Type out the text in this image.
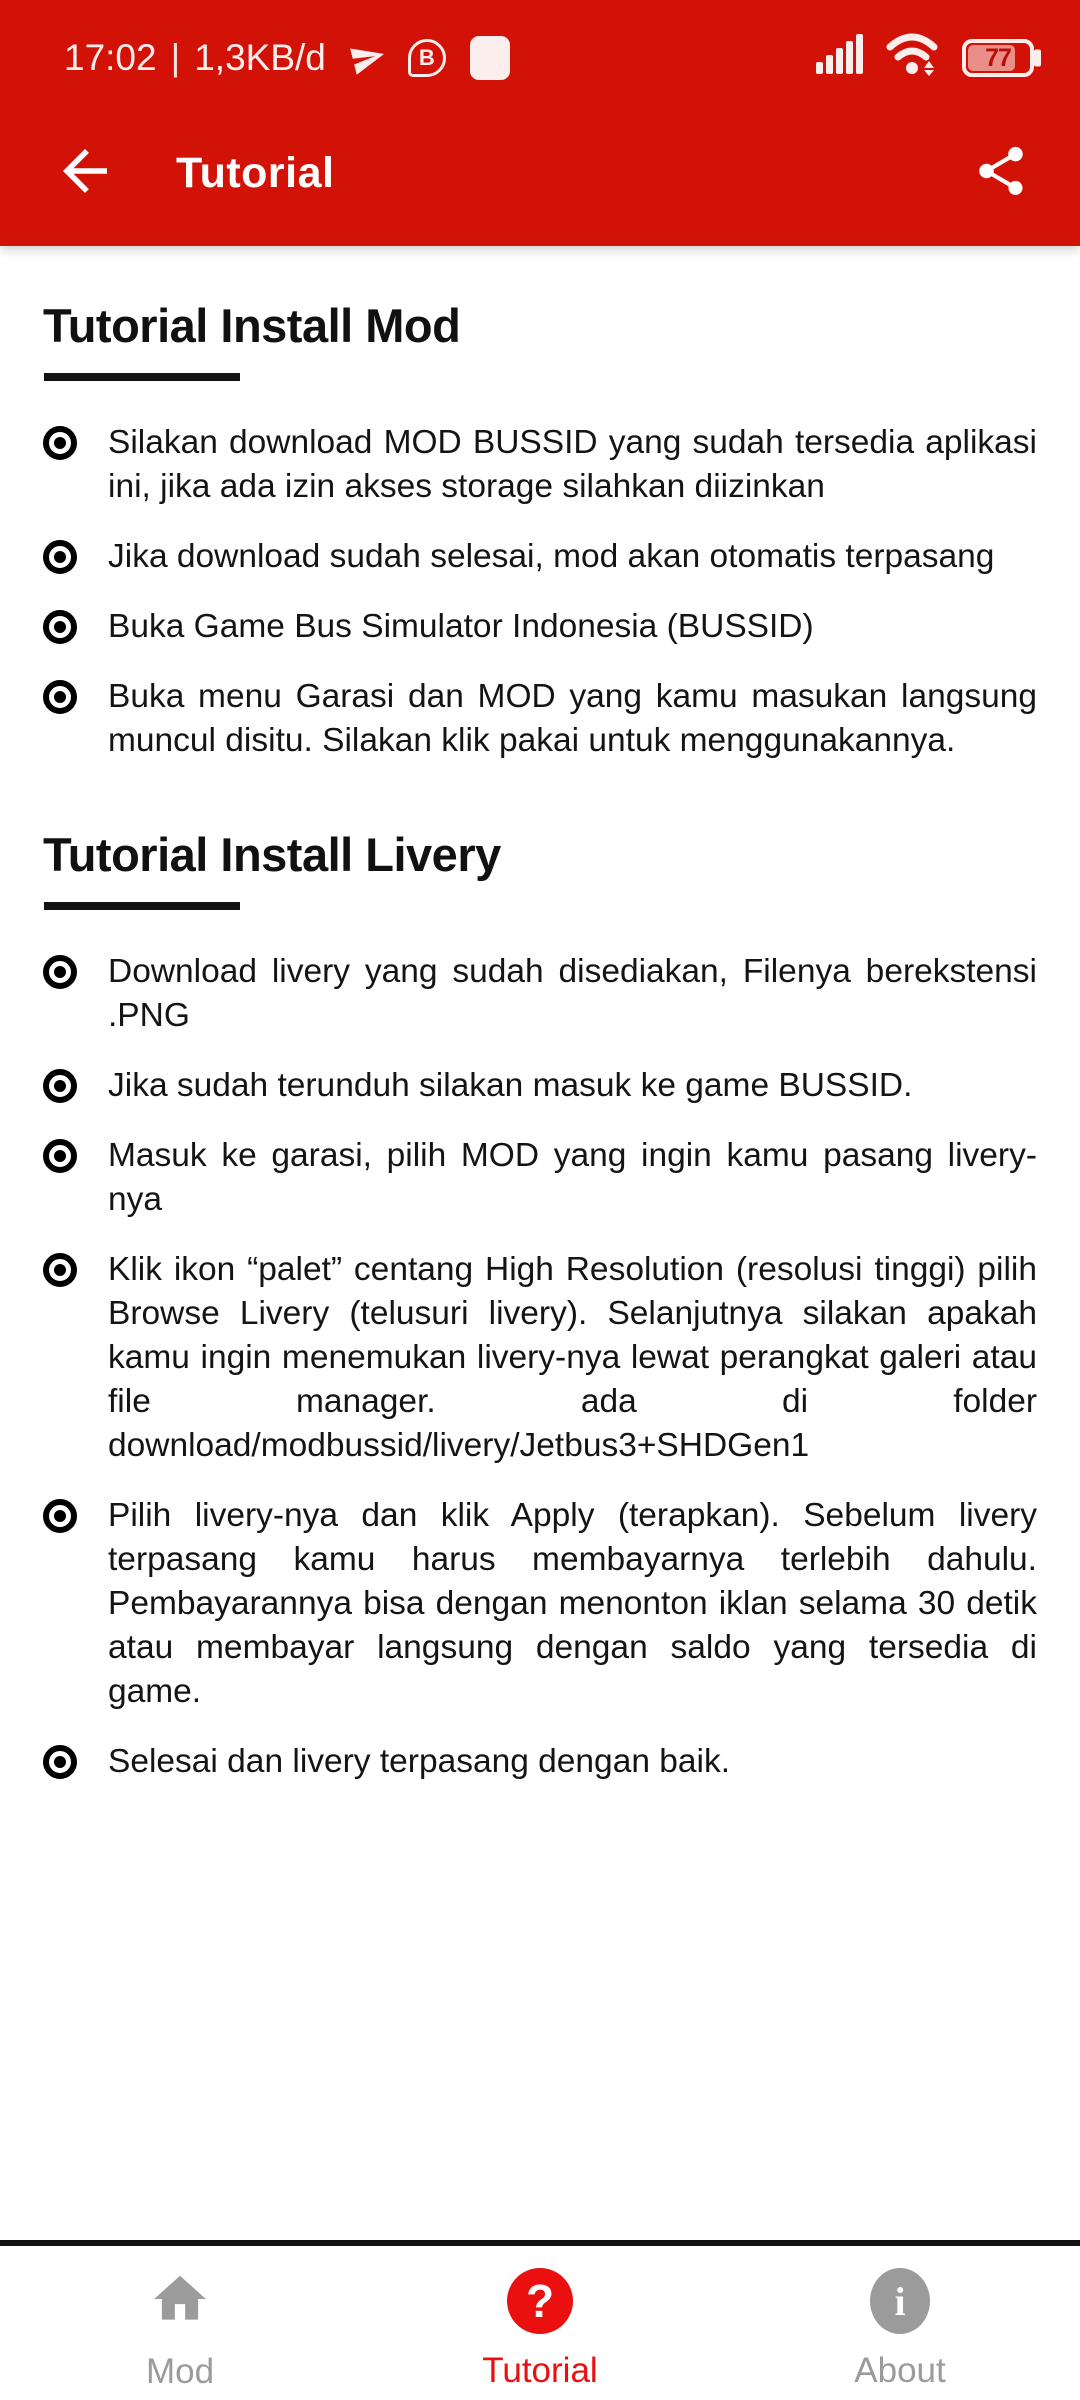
17:02 | 1,3KB/d	B	77
Tutorial
Tutorial Install Mod
Silakan download MOD BUSSID yang sudah tersedia aplikasi ini, jika ada izin akses storage silahkan diizinkan
Jika download sudah selesai, mod akan otomatis terpasang
Buka Game Bus Simulator Indonesia (BUSSID)
Buka menu Garasi dan MOD yang kamu masukan langsung muncul disitu. Silakan klik pakai untuk menggunakannya.
Tutorial Install Livery
Download livery yang sudah disediakan, Filenya berekstensi .PNG
Jika sudah terunduh silakan masuk ke game BUSSID.
Masuk ke garasi, pilih MOD yang ingin kamu pasang livery-nya
Klik ikon “palet” centang High Resolution (resolusi tinggi) pilih Browse Livery (telusuri livery). Selanjutnya silakan apakah kamu ingin menemukan livery-nya lewat perangkat galeri atau file manager. ada di folder download/modbussid/livery/Jetbus3+SHDGen1
Pilih livery-nya dan klik Apply (terapkan). Sebelum livery terpasang kamu harus membayarnya terlebih dahulu. Pembayarannya bisa dengan menonton iklan selama 30 detik atau membayar langsung dengan saldo yang tersedia di game.
Selesai dan livery terpasang dengan baik.
Mod
?
Tutorial
i
About
